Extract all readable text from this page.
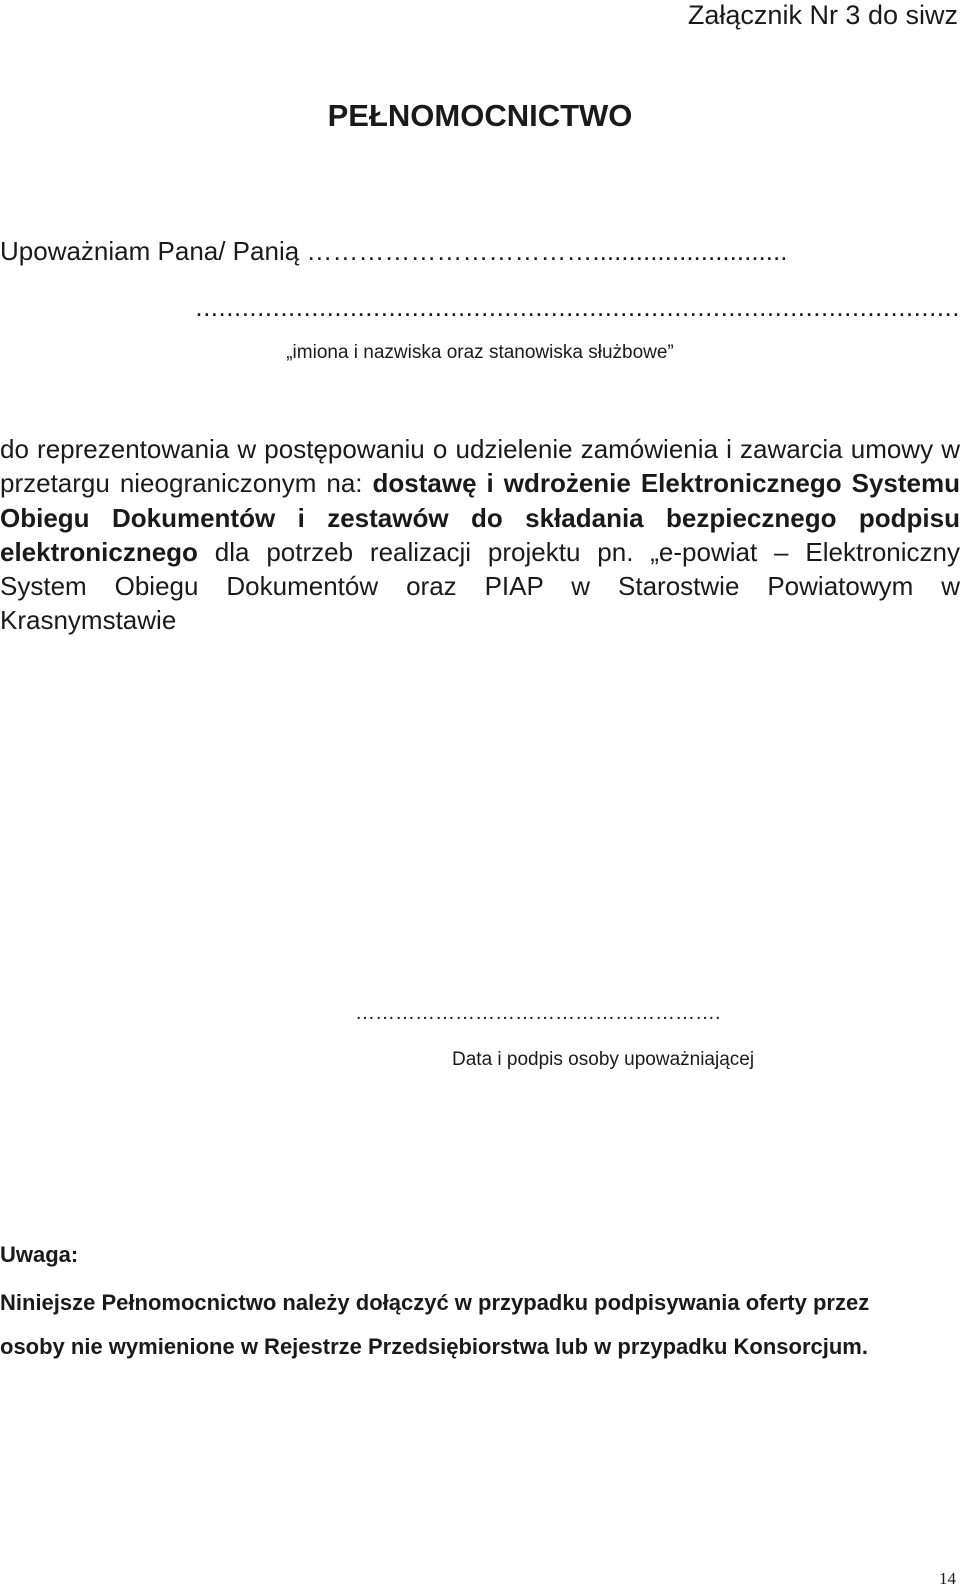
Załącznik Nr 3 do siwz

PEŁNOMOCNICTWO

Upoważniam Pana/ Panią ……………………………...........................

...................................................................................................

„imiona i nazwiska oraz stanowiska służbowe”

do reprezentowania w postępowaniu o udzielenie zamówienia i zawarcia umowy w przetargu nieograniczonym na: dostawę i wdrożenie Elektronicznego Systemu Obiegu Dokumentów i zestawów do składania bezpiecznego podpisu elektronicznego dla potrzeb realizacji projektu pn. „e-powiat – Elektroniczny System Obiegu Dokumentów oraz PIAP w Starostwie Powiatowym w Krasnymstawie

……………………………………………….

Data i podpis osoby upoważniającej

Uwaga:

Niniejsze Pełnomocnictwo należy dołączyć w przypadku podpisywania oferty przez osoby nie wymienione w Rejestrze Przedsiębiorstwa lub w przypadku Konsorcjum.

14
